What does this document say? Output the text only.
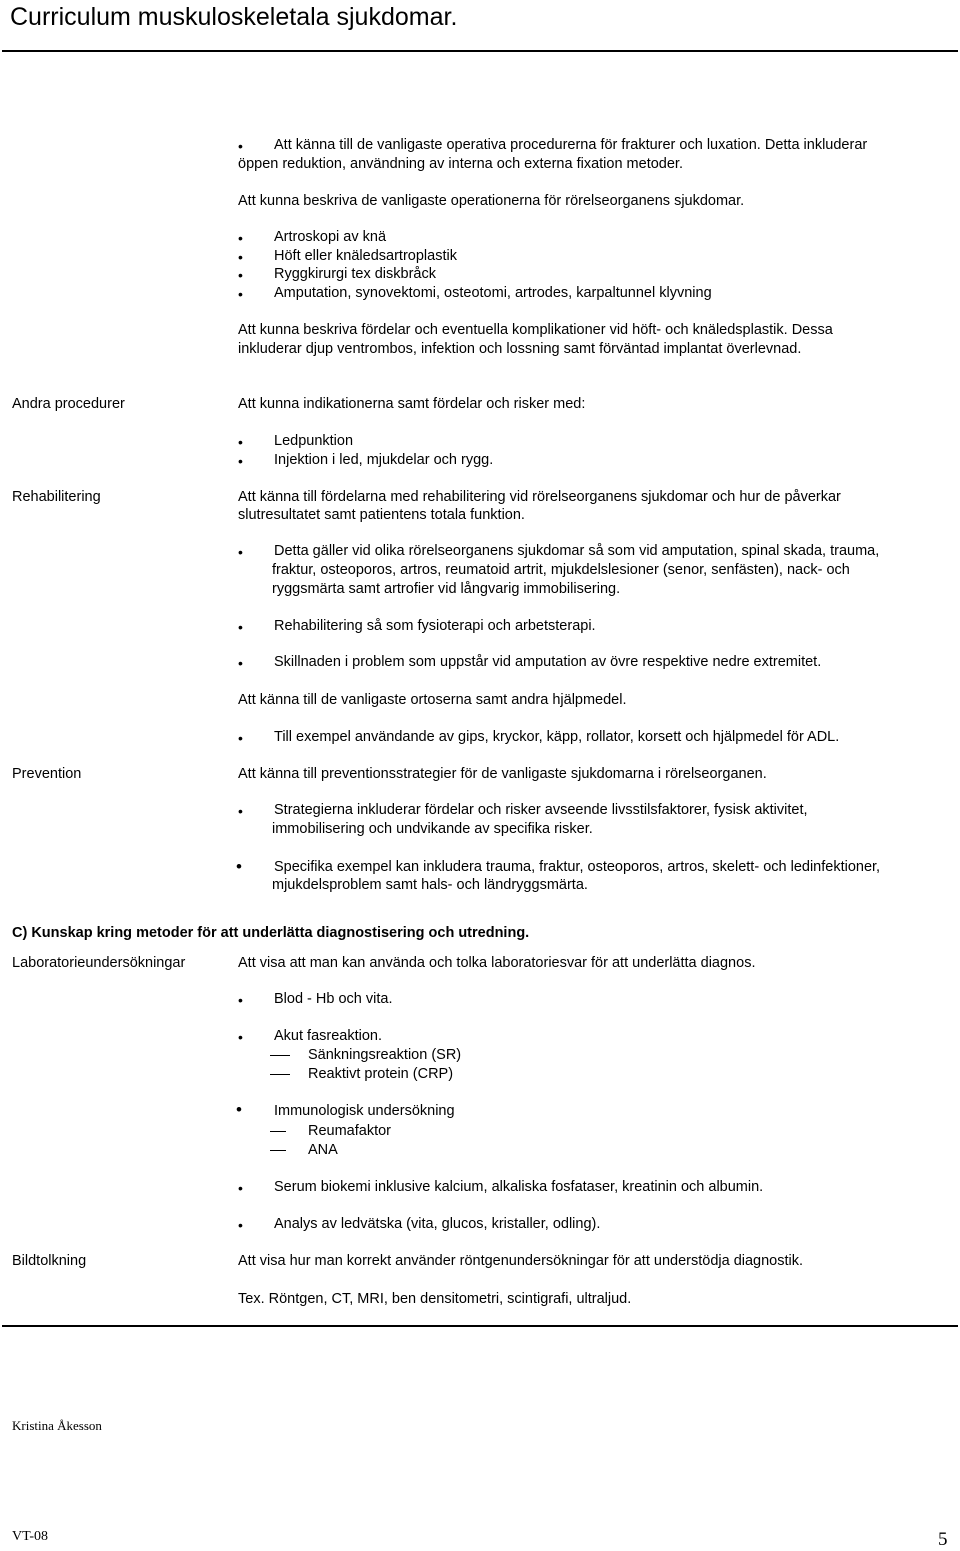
Curriculum muskuloskeletala sjukdomar.
• Att känna till de vanligaste operativa procedurerna för frakturer och luxation. Detta inkluderar
öppen reduktion, användning av interna och externa fixation metoder.
Att kunna beskriva de vanligaste operationerna för rörelseorganens sjukdomar.
• Artroskopi av knä
• Höft eller knäledsartroplastik
• Ryggkirurgi tex diskbråck
• Amputation, synovektomi, osteotomi, artrodes, karpaltunnel klyvning
Att kunna beskriva fördelar och eventuella komplikationer vid höft- och knäledsplastik. Dessa
inkluderar djup ventrombos, infektion och lossning samt förväntad implantat överlevnad.
Andra procedurer	Att kunna indikationerna samt fördelar och risker med:
• Ledpunktion
• Injektion i led, mjukdelar och rygg.
Rehabilitering	Att känna till fördelarna med rehabilitering vid rörelseorganens sjukdomar och hur de påverkar
slutresultatet samt patientens totala funktion.
• Detta gäller vid olika rörelseorganens sjukdomar så som vid amputation, spinal skada, trauma,
fraktur, osteoporos, artros, reumatoid artrit, mjukdelslesioner (senor, senfästen), nack- och
ryggsmärta samt artrofier vid långvarig immobilisering.
• Rehabilitering så som fysioterapi och arbetsterapi.
• Skillnaden i problem som uppstår vid amputation av övre respektive nedre extremitet.
Att känna till de vanligaste ortoserna samt andra hjälpmedel.
• Till exempel användande av gips, kryckor, käpp, rollator, korsett och hjälpmedel för ADL.
Prevention	Att känna till preventionsstrategier för de vanligaste sjukdomarna i rörelseorganen.
• Strategierna inkluderar fördelar och risker avseende livsstilsfaktorer, fysisk aktivitet,
immobilisering och undvikande av specifika risker.
• Specifika exempel kan inkludera trauma, fraktur, osteoporos, artros, skelett- och ledinfektioner,
mjukdelsproblem samt hals- och ländryggsmärta.
C) Kunskap kring metoder för att underlätta diagnostisering och utredning.
Laboratorieundersökningar	Att visa att man kan använda och tolka laboratoriesvar för att underlätta diagnos.
• Blod - Hb och vita.
• Akut fasreaktion.
Sänkningsreaktion (SR)
Reaktivt protein (CRP)
• Immunologisk undersökning
Reumafaktor
ANA
• Serum biokemi inklusive kalcium, alkaliska fosfataser, kreatinin och albumin.
• Analys av ledvätska (vita, glucos, kristaller, odling).
Bildtolkning	Att visa hur man korrekt använder röntgenundersökningar för att understödja diagnostik.
Tex. Röntgen, CT, MRI, ben densitometri, scintigrafi, ultraljud.
Kristina Åkesson
VT-08	5
